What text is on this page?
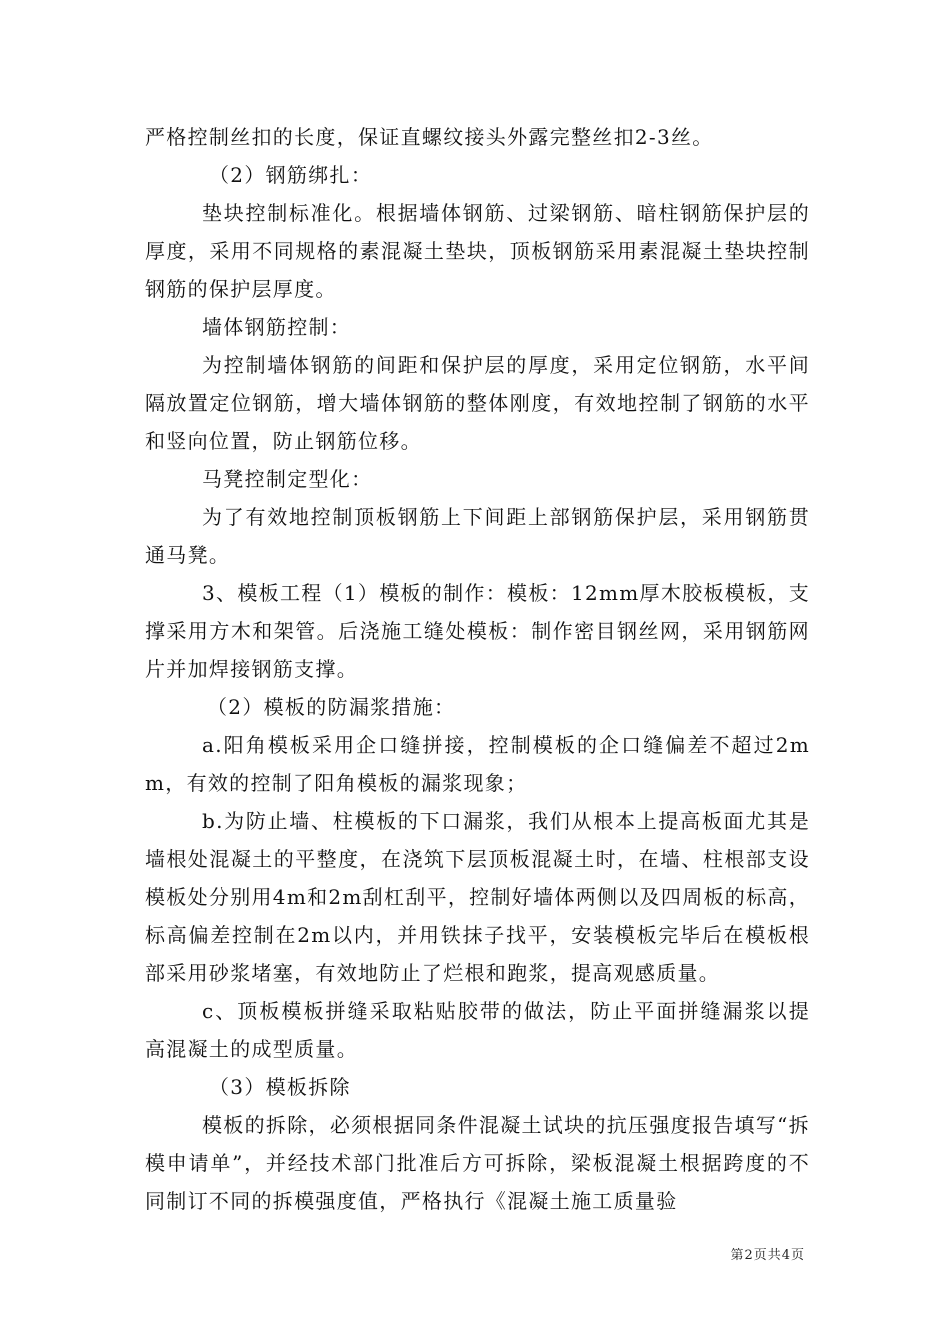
严格控制丝扣的长度，保证直螺纹接头外露完整丝扣2-3丝。

（2）钢筋绑扎：

垫块控制标准化。根据墙体钢筋、过梁钢筋、暗柱钢筋保护层的厚度，采用不同规格的素混凝土垫块，顶板钢筋采用素混凝土垫块控制钢筋的保护层厚度。

墙体钢筋控制：

为控制墙体钢筋的间距和保护层的厚度，采用定位钢筋，水平间隔放置定位钢筋，增大墙体钢筋的整体刚度，有效地控制了钢筋的水平和竖向位置，防止钢筋位移。

马凳控制定型化：

为了有效地控制顶板钢筋上下间距上部钢筋保护层，采用钢筋贯通马凳。

3、模板工程（1）模板的制作：模板：12mm厚木胶板模板，支撑采用方木和架管。后浇施工缝处模板：制作密目钢丝网，采用钢筋网片并加焊接钢筋支撑。

（2）模板的防漏浆措施：

a.阳角模板采用企口缝拼接，控制模板的企口缝偏差不超过2mm，有效的控制了阳角模板的漏浆现象；

b.为防止墙、柱模板的下口漏浆，我们从根本上提高板面尤其是墙根处混凝土的平整度，在浇筑下层顶板混凝土时，在墙、柱根部支设模板处分别用4m和2m刮杠刮平，控制好墙体两侧以及四周板的标高，标高偏差控制在2m以内，并用铁抹子找平，安装模板完毕后在模板根部采用砂浆堵塞，有效地防止了烂根和跑浆，提高观感质量。

c、顶板模板拼缝采取粘贴胶带的做法，防止平面拼缝漏浆以提高混凝土的成型质量。

（3）模板拆除

模板的拆除，必须根据同条件混凝土试块的抗压强度报告填写“拆模申请单”，并经技术部门批准后方可拆除，梁板混凝土根据跨度的不同制订不同的拆模强度值，严格执行《混凝土施工质量验

第2页共4页
